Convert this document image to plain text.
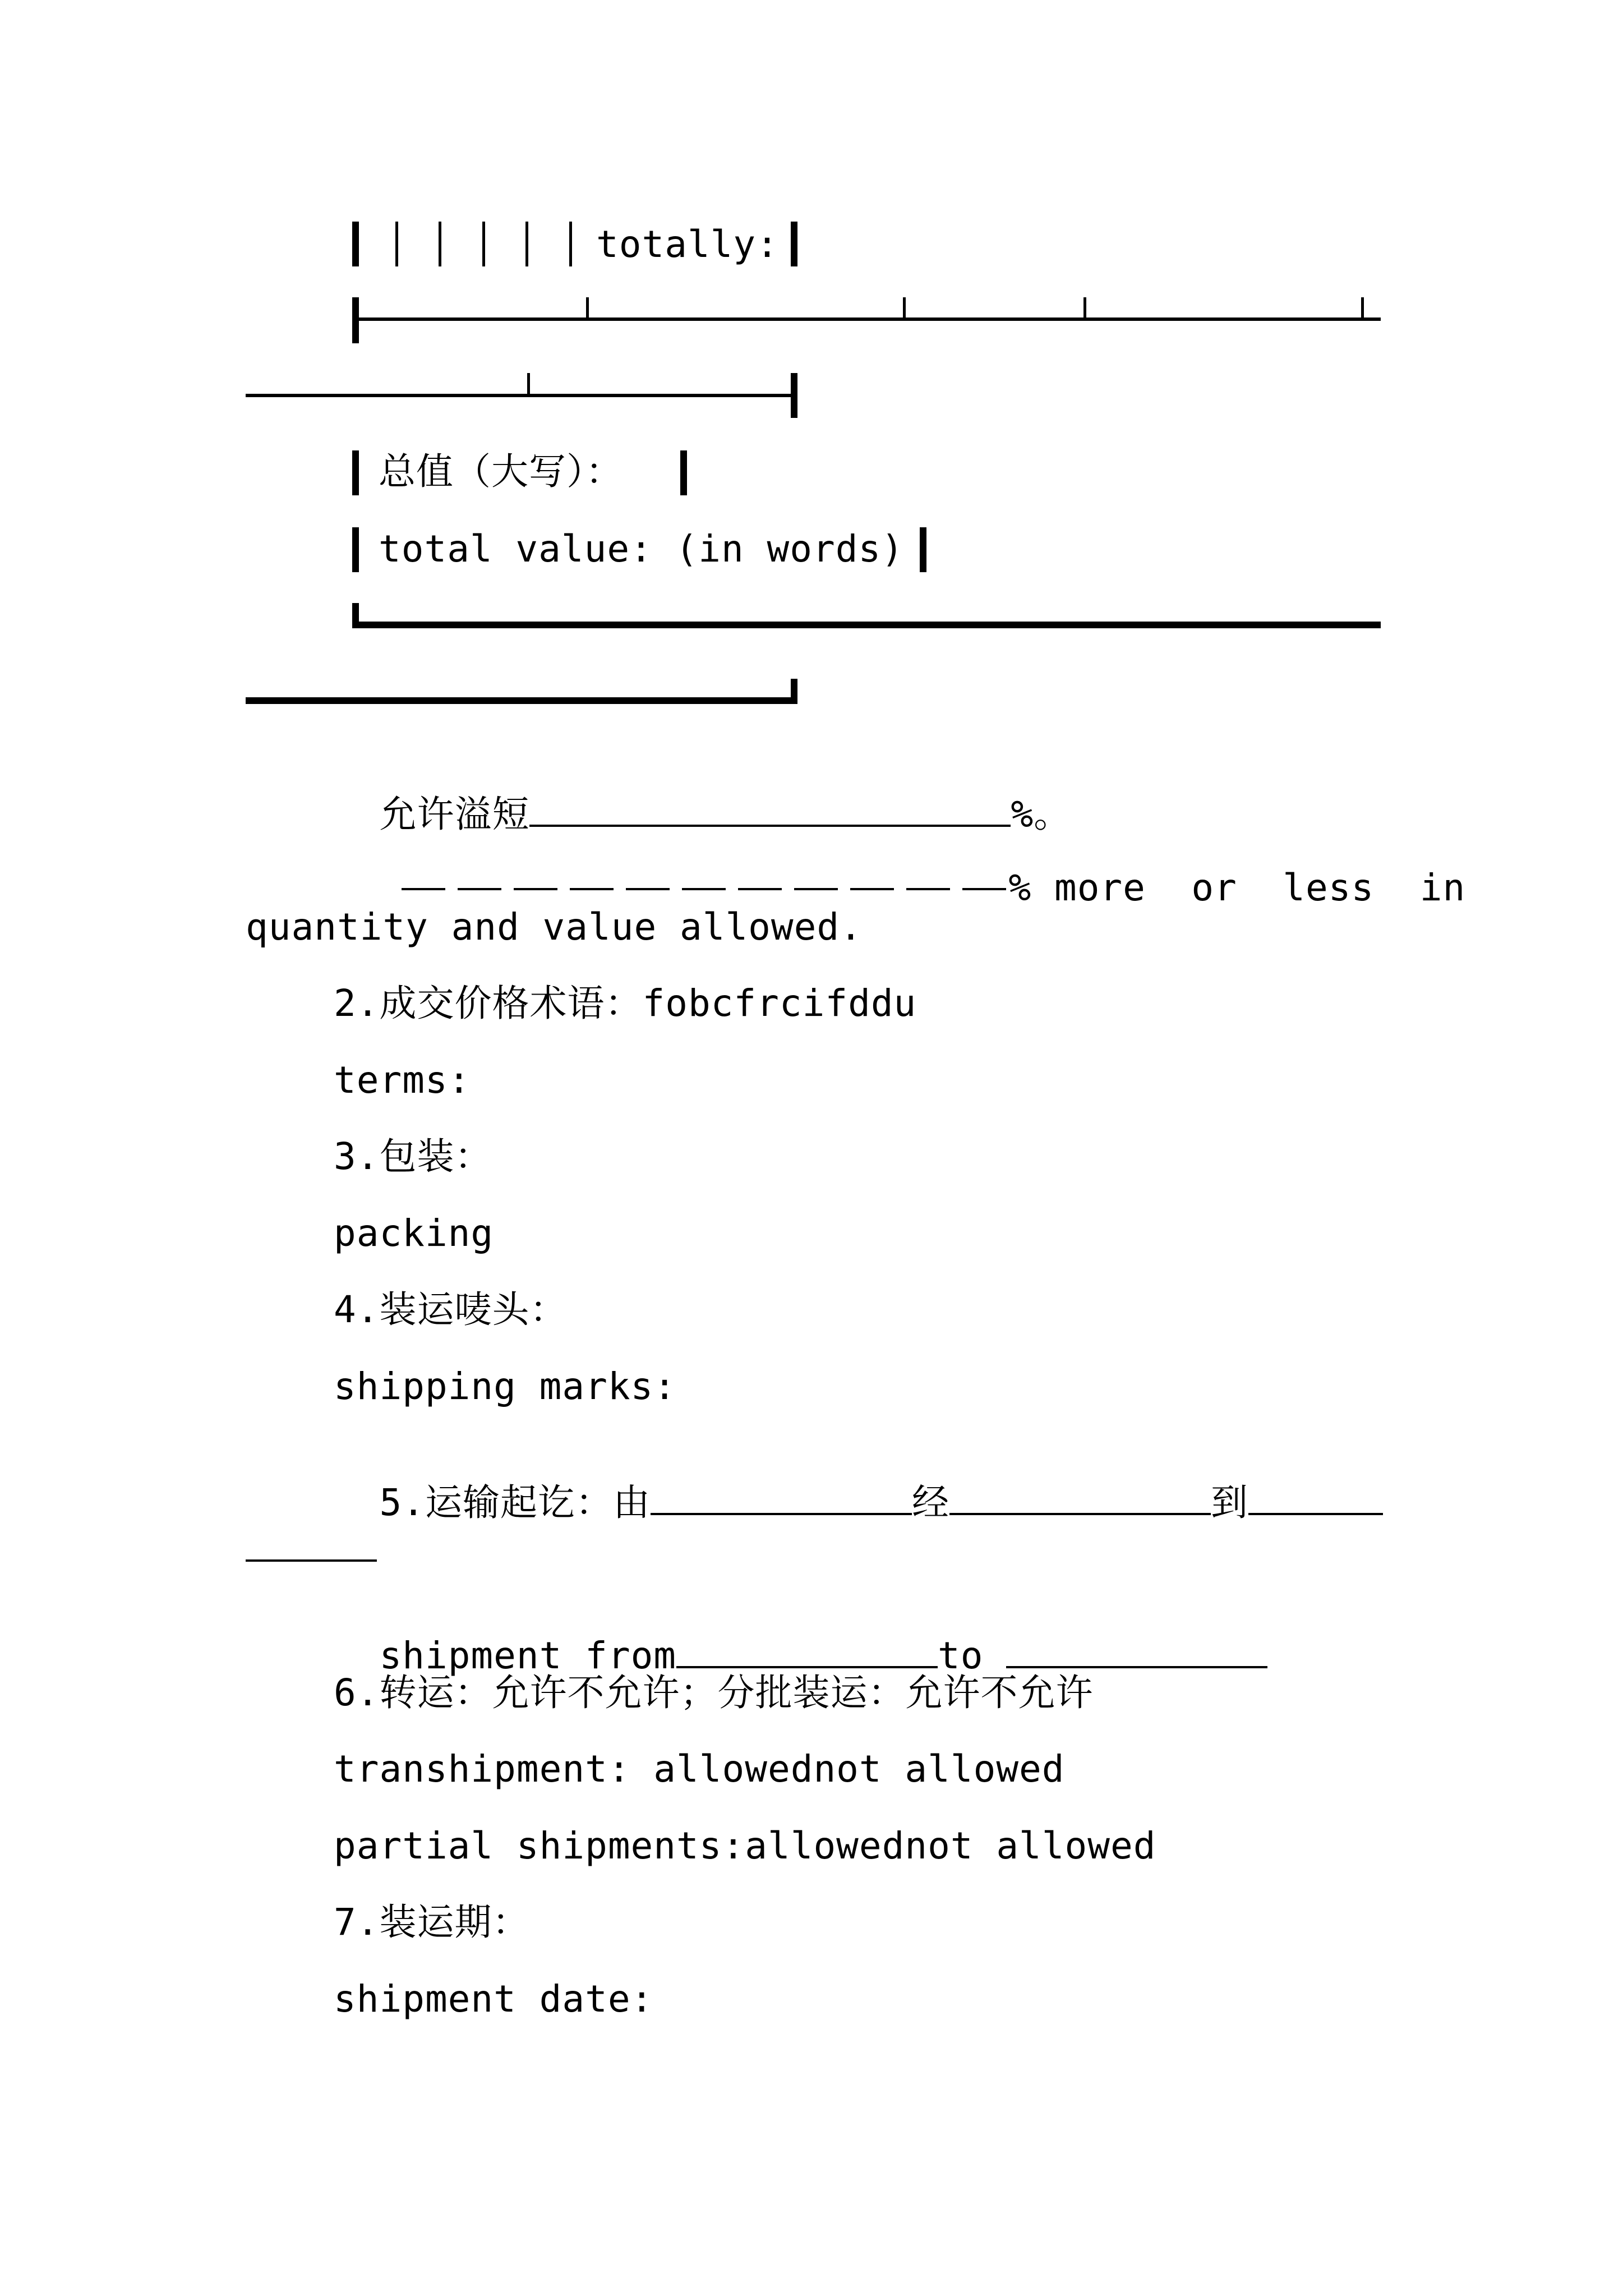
totally:
总值（大写）：
total value: (in words)

允许溢短	%。

% more  or  less  in

quantity and value allowed.
2.成交价格术语：fobcfrcifddu
terms:
3.包装：
packing
4.装运唛头：
shipping marks:

5.运输起讫：由	经	到

shipment from	to

6.转运：允许不允许；分批装运：允许不允许
transhipment: allowednot allowed
partial shipments:allowednot allowed
7.装运期：
shipment date:
